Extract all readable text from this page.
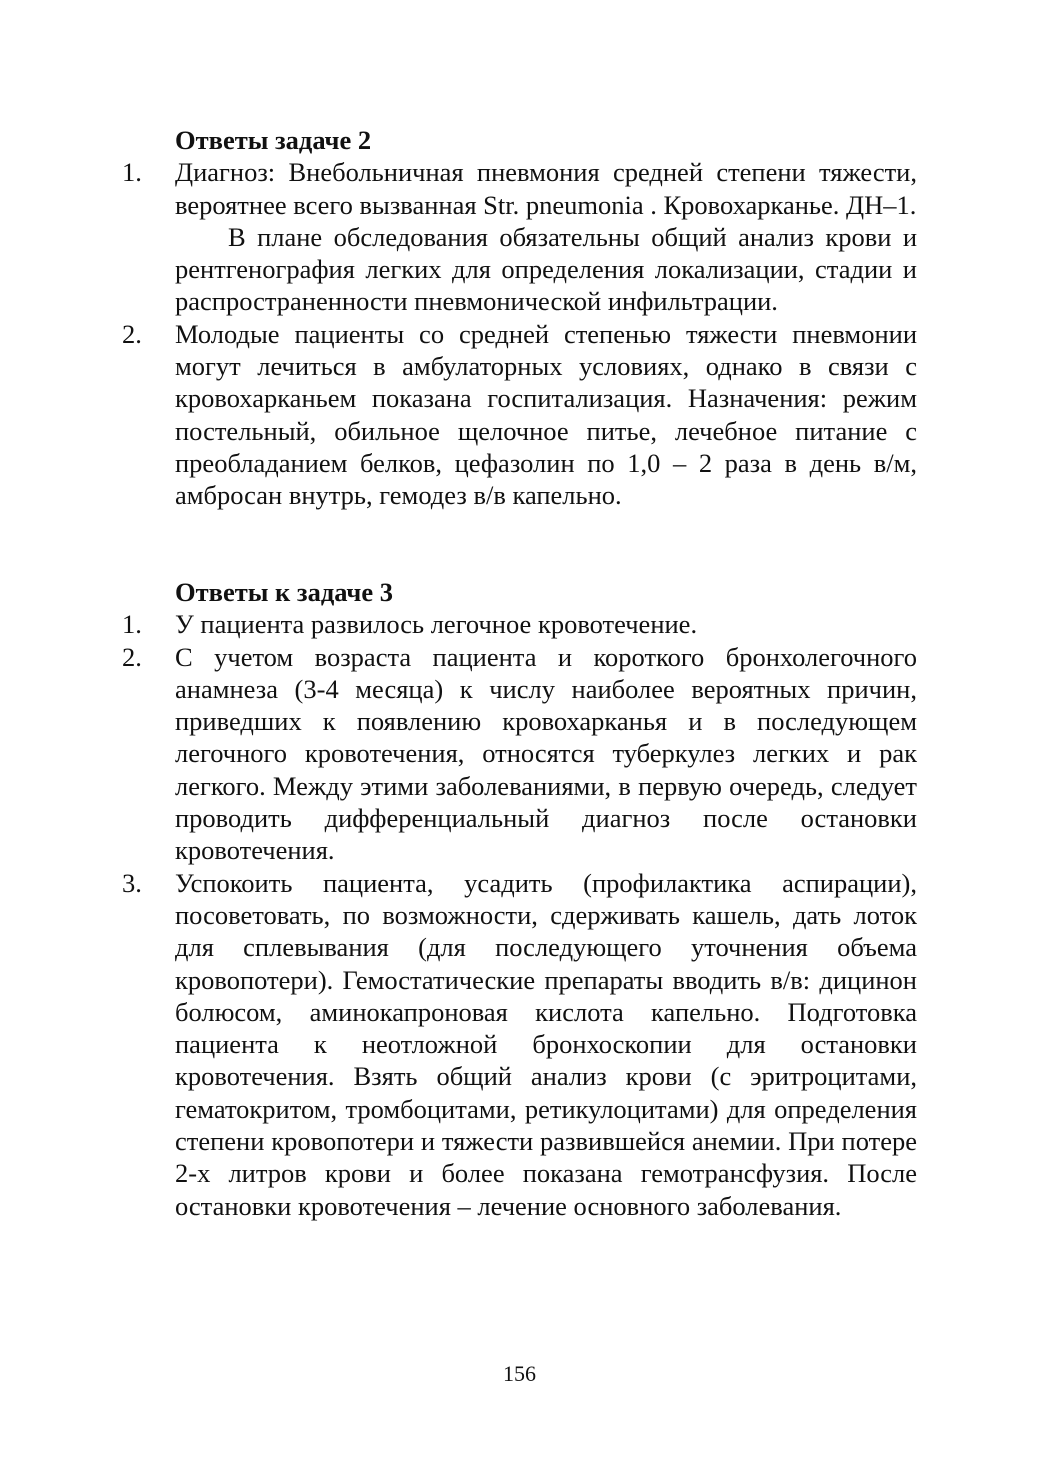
Ответы задаче 2
1.	Диагноз: Внебольничная пневмония средней степени тяжести, вероятнее всего вызванная Str. pneumonia . Кровохарканье. ДН–1.
В плане обследования обязательны общий анализ крови и рентгенография легких для определения локализации, стадии и распространенности пневмонической инфильтрации.
2.	Молодые пациенты со средней степенью тяжести пневмонии могут лечиться в амбулаторных условиях, однако в связи с кровохарканьем показана госпитализация. Назначения: режим постельный, обильное щелочное питье, лечебное питание с преобладанием белков, цефазолин по 1,0 – 2 раза в день в/м, амбросан внутрь, гемодез в/в капельно.
Ответы к задаче 3
1.	У пациента развилось легочное кровотечение.
2.	С учетом возраста пациента и короткого бронхолегочного анамнеза (3-4 месяца) к числу наиболее вероятных причин, приведших к появлению кровохарканья и в последующем легочного кровотечения, относятся туберкулез легких и рак легкого. Между этими заболеваниями, в первую очередь, следует проводить дифференциальный диагноз после остановки кровотечения.
3.	Успокоить пациента, усадить (профилактика аспирации), посоветовать, по возможности, сдерживать кашель, дать лоток для сплевывания (для последующего уточнения объема кровопотери). Гемостатические препараты вводить в/в: дицинон болюсом, аминокапроновая кислота капельно. Подготовка пациента к неотложной бронхоскопии для остановки кровотечения. Взять общий анализ крови (с эритроцитами, гематокритом, тромбоцитами, ретикулоцитами) для определения степени кровопотери и тяжести развившейся анемии. При потере 2-х литров крови и более показана гемотрансфузия. После остановки кровотечения – лечение основного заболевания.
156
